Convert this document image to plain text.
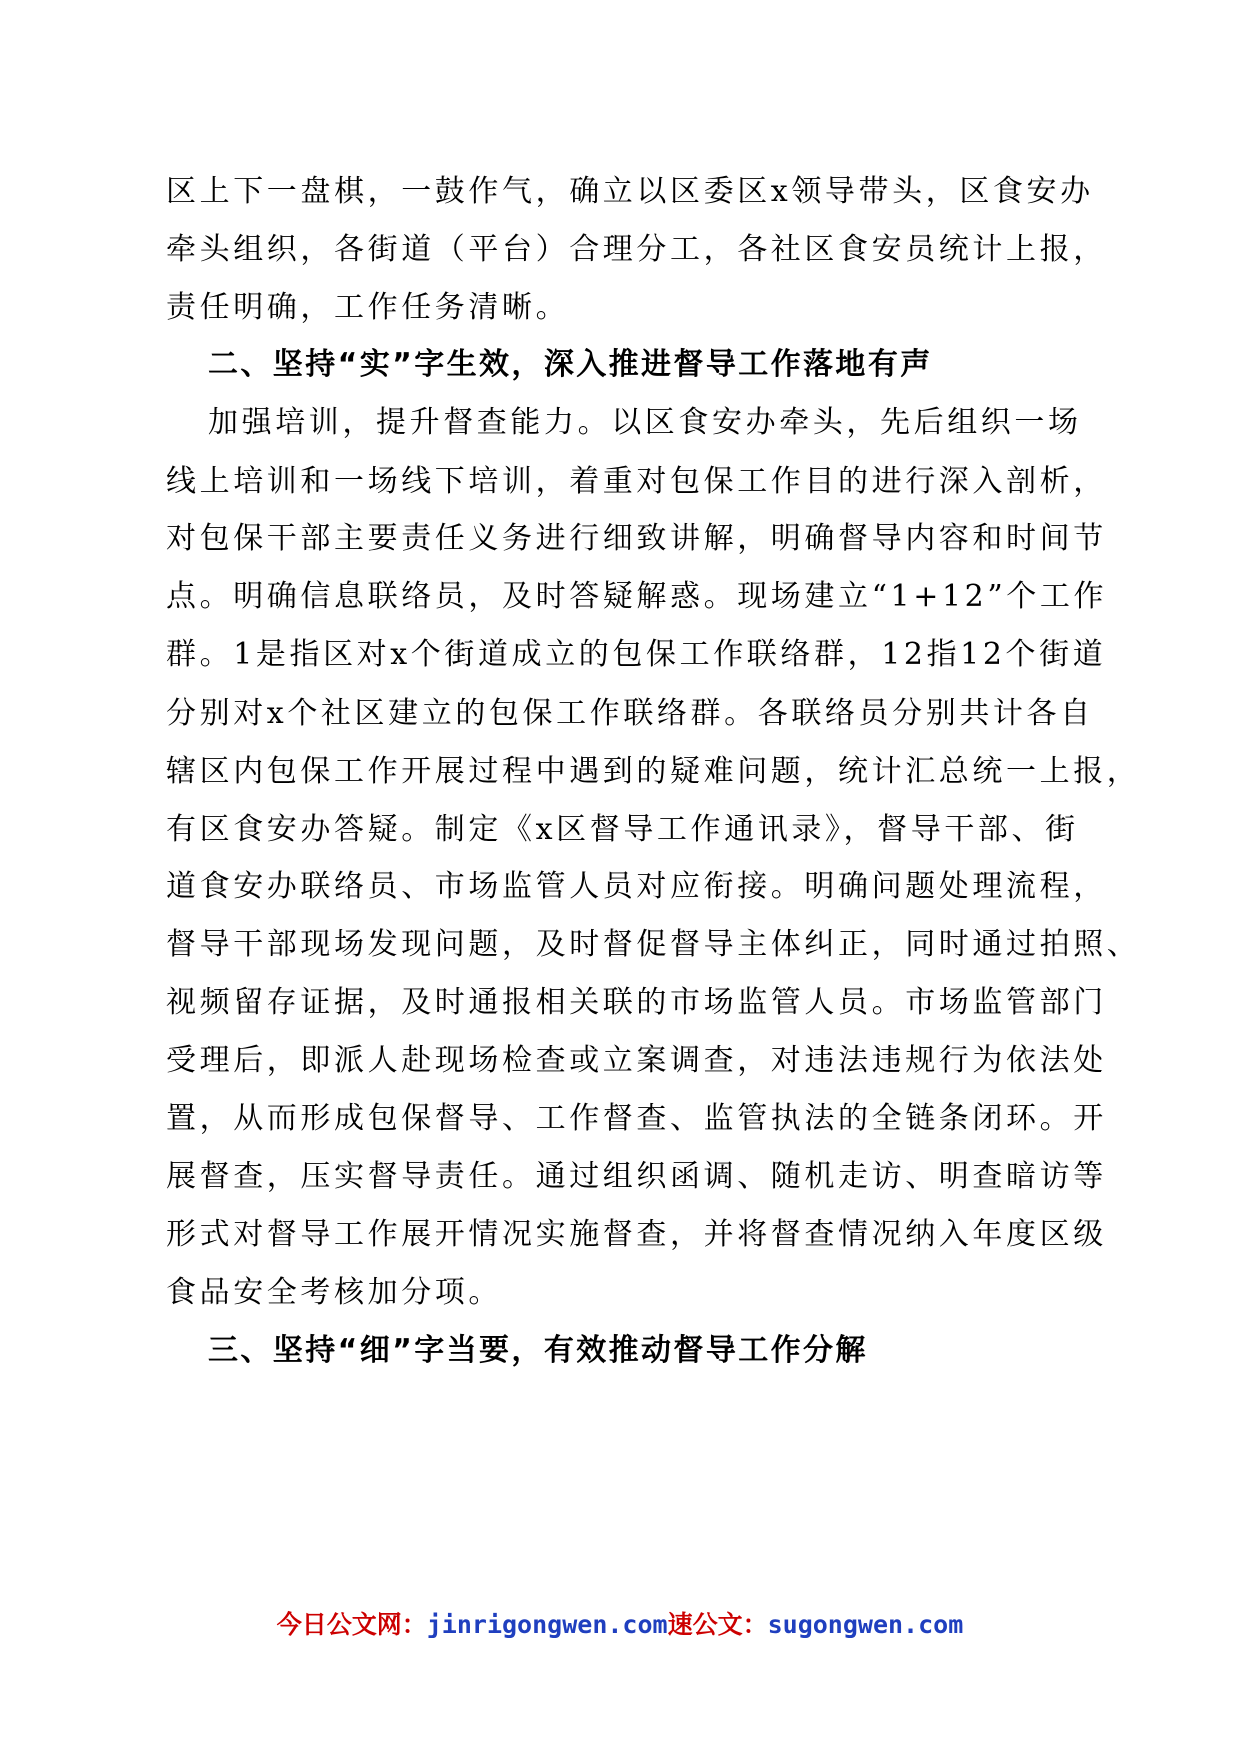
区上下一盘棋，一鼓作气，确立以区委区x领导带头，区食安办
牵头组织，各街道（平台）合理分工，各社区食安员统计上报，
责任明确，工作任务清晰。
二、坚持“实”字生效，深入推进督导工作落地有声
加强培训，提升督查能力。以区食安办牵头，先后组织一场
线上培训和一场线下培训，着重对包保工作目的进行深入剖析，
对包保干部主要责任义务进行细致讲解，明确督导内容和时间节
点。明确信息联络员，及时答疑解惑。现场建立“1+12”个工作
群。1是指区对x个街道成立的包保工作联络群，12指12个街道
分别对x个社区建立的包保工作联络群。各联络员分别共计各自
辖区内包保工作开展过程中遇到的疑难问题，统计汇总统一上报，
有区食安办答疑。制定《x区督导工作通讯录》，督导干部、街
道食安办联络员、市场监管人员对应衔接。明确问题处理流程，
督导干部现场发现问题，及时督促督导主体纠正，同时通过拍照、
视频留存证据，及时通报相关联的市场监管人员。市场监管部门
受理后，即派人赴现场检查或立案调查，对违法违规行为依法处
置，从而形成包保督导、工作督查、监管执法的全链条闭环。开
展督查，压实督导责任。通过组织函调、随机走访、明查暗访等
形式对督导工作展开情况实施督查，并将督查情况纳入年度区级
食品安全考核加分项。
三、坚持“细”字当要，有效推动督导工作分解
今日公文网：jinrigongwen.com速公文：sugongwen.com
